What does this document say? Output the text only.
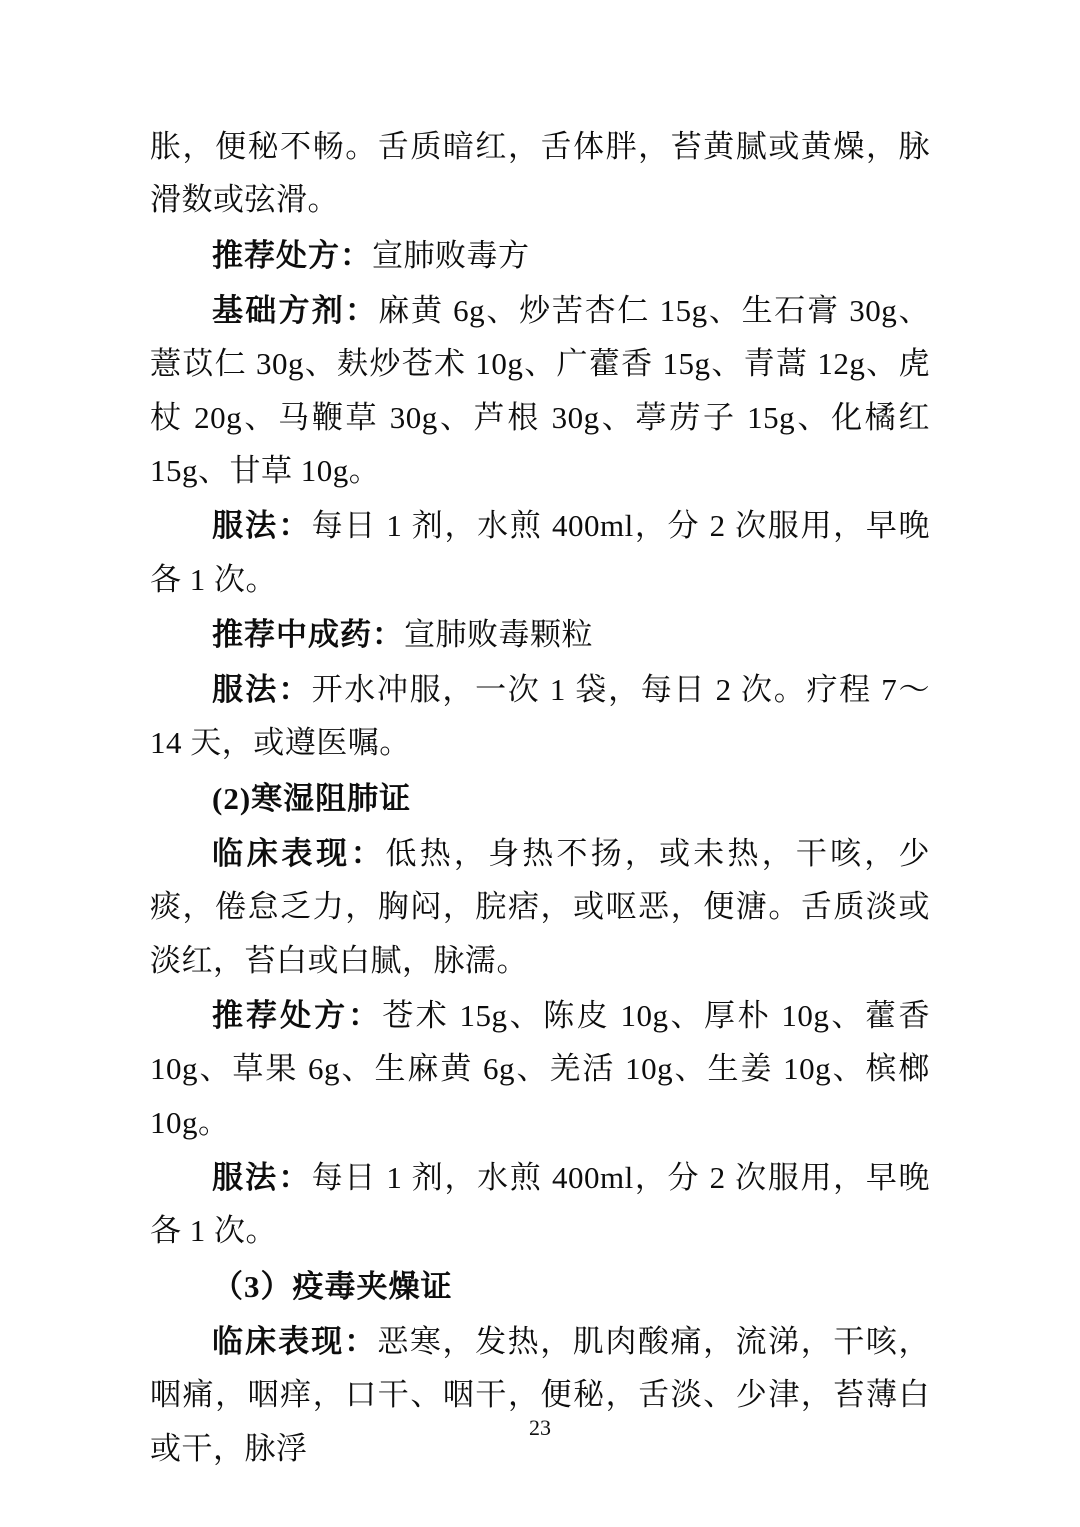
胀，便秘不畅。舌质暗红，舌体胖，苔黄腻或黄燥，脉滑数或弦滑。

推荐处方：宣肺败毒方

基础方剂：麻黄 6g、炒苦杏仁 15g、生石膏 30g、薏苡仁 30g、麸炒苍术 10g、广藿香 15g、青蒿 12g、虎杖 20g、马鞭草 30g、芦根 30g、葶苈子 15g、化橘红 15g、甘草 10g。

服法：每日 1 剂，水煎 400ml，分 2 次服用，早晚各 1 次。

推荐中成药：宣肺败毒颗粒

服法：开水冲服，一次 1 袋，每日 2 次。疗程 7～14 天，或遵医嘱。

(2)寒湿阻肺证

临床表现：低热，身热不扬，或未热，干咳，少痰，倦怠乏力，胸闷，脘痞，或呕恶，便溏。舌质淡或淡红，苔白或白腻，脉濡。

推荐处方：苍术 15g、陈皮 10g、厚朴 10g、藿香 10g、草果 6g、生麻黄 6g、羌活 10g、生姜 10g、槟榔 10g。

服法：每日 1 剂，水煎 400ml，分 2 次服用，早晚各 1 次。

（3）疫毒夹燥证

临床表现：恶寒，发热，肌肉酸痛，流涕，干咳，咽痛，咽痒，口干、咽干，便秘，舌淡、少津，苔薄白或干，脉浮

23
